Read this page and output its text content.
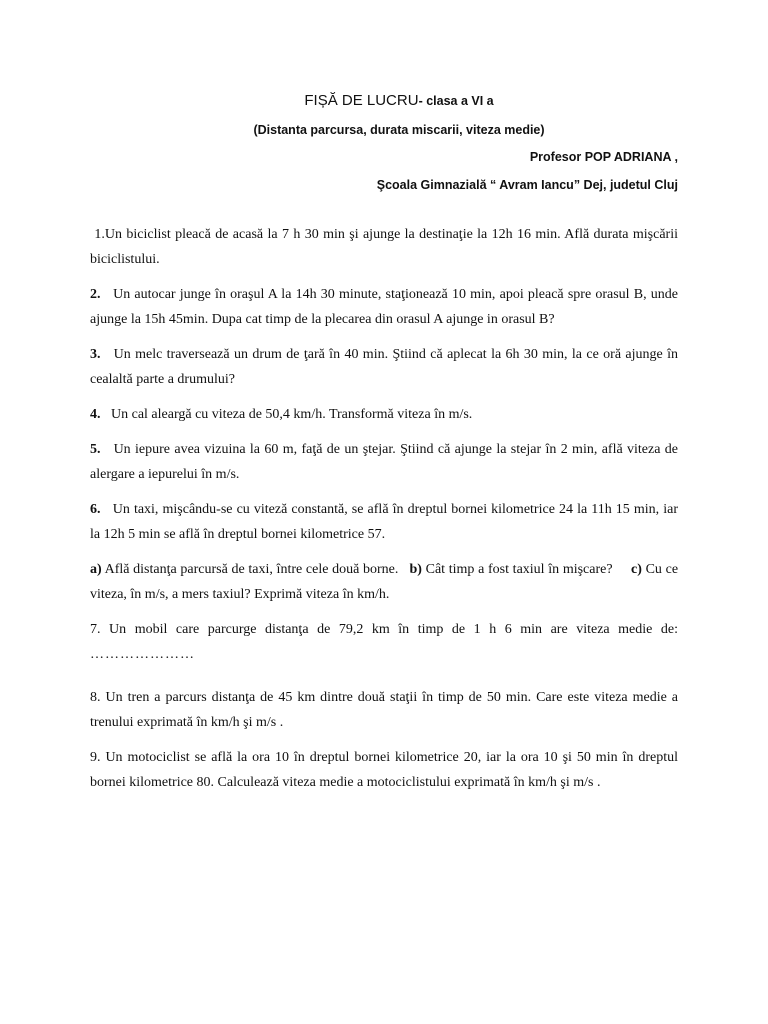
FIȘĂ DE LUCRU- clasa a VI a
(Distanta parcursa, durata miscarii, viteza medie)
Profesor POP ADRIANA ,
Şcoala Gimnazială “ Avram Iancu” Dej, judetul Cluj

1.Un biciclist pleacă de acasă la 7 h 30 min şi ajunge la destinaţie la 12h 16 min. Află durata mişcării biciclistului.

2. Un autocar junge în oraşul A la 14h 30 minute, staţionează 10 min, apoi pleacă spre orasul B, unde ajunge la 15h 45min. Dupa cat timp de la plecarea din orasul A ajunge in orasul B?

3. Un melc traversează un drum de ţară în 40 min. Ştiind că aplecat la 6h 30 min, la ce oră ajunge în cealaltă parte a drumului?

4. Un cal aleargă cu viteza de 50,4 km/h. Transformă viteza în m/s.

5. Un iepure avea vizuina la 60 m, faţă de un ştejar. Ştiind că ajunge la stejar în 2 min, află viteza de alergare a iepurelui în m/s.

6. Un taxi, mişcându-se cu viteză constantă, se află în dreptul bornei kilometrice 24 la 11h 15 min, iar la 12h 5 min se află în dreptul bornei kilometrice 57.

a) Află distanţa parcursă de taxi, între cele două borne. b) Cât timp a fost taxiul în mişcare? c) Cu ce viteza, în m/s, a mers taxiul? Exprimă viteza în km/h.

7. Un mobil care parcurge distanţa de 79,2 km în timp de 1 h 6 min are viteza medie de: …………………

8. Un tren a parcurs distanţa de 45 km dintre două staţii în timp de 50 min. Care este viteza medie a trenului exprimată în km/h şi m/s .

9. Un motociclist se află la ora 10 în dreptul bornei kilometrice 20, iar la ora 10 şi 50 min în dreptul bornei kilometrice 80. Calculează viteza medie a motociclistului exprimată în km/h şi m/s .
